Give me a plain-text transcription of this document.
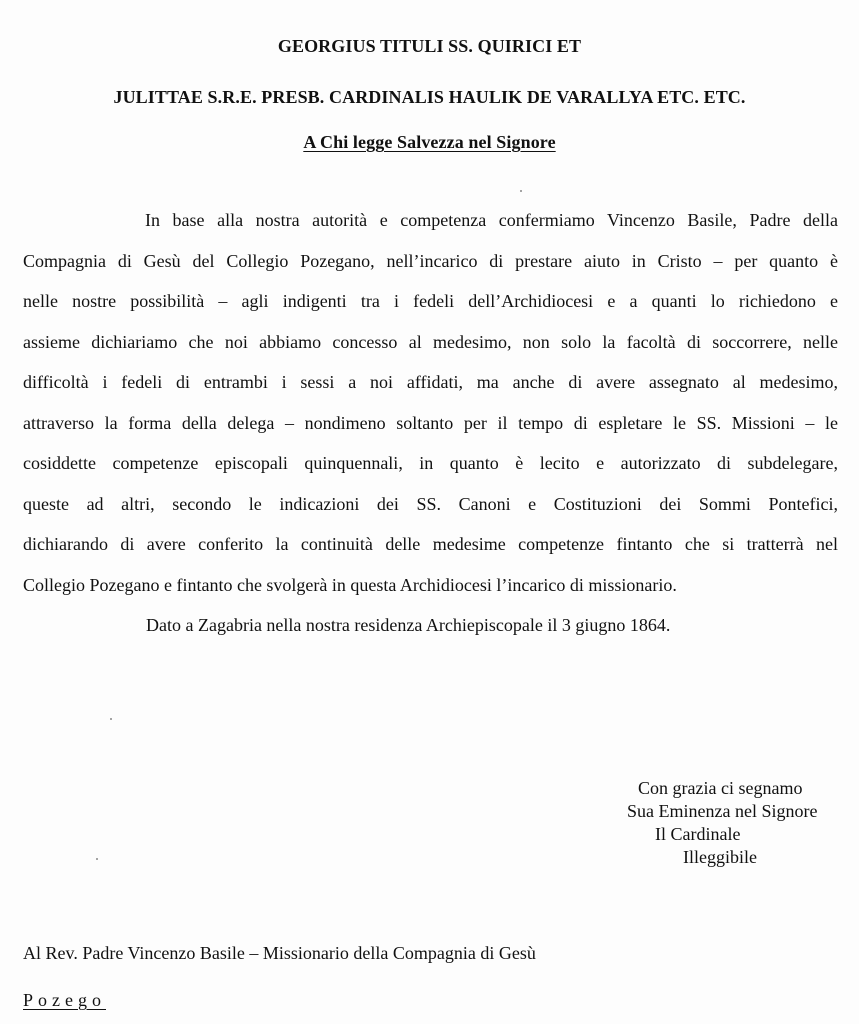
GEORGIUS TITULI SS. QUIRICI ET
JULITTAE S.R.E. PRESB. CARDINALIS HAULIK DE VARALLYA ETC. ETC.
A Chi legge Salvezza nel Signore
In base alla nostra autorità e competenza confermiamo Vincenzo Basile, Padre della
Compagnia di Gesù del Collegio Pozegano, nell’incarico di prestare aiuto in Cristo – per quanto è
nelle nostre possibilità – agli indigenti tra i fedeli dell’Archidiocesi e a quanti lo richiedono e
assieme dichiariamo che noi abbiamo concesso al medesimo, non solo la facoltà di soccorrere, nelle
difficoltà i fedeli di entrambi i sessi a noi affidati, ma anche di avere assegnato al medesimo,
attraverso la forma della delega – nondimeno soltanto per il tempo di espletare le SS. Missioni – le
cosiddette competenze episcopali quinquennali, in quanto è lecito e autorizzato di subdelegare,
queste ad altri, secondo le indicazioni dei SS. Canoni e Costituzioni dei Sommi Pontefici,
dichiarando di avere conferito la continuità delle medesime competenze fintanto che si tratterrà nel
Collegio Pozegano e fintanto che svolgerà in questa Archidiocesi l’incarico di missionario.
Dato a Zagabria nella nostra residenza Archiepiscopale il 3 giugno 1864.
Con grazia ci segnamo
Sua Eminenza nel Signore
Il Cardinale
Illeggibile
Al Rev. Padre Vincenzo Basile – Missionario della Compagnia di Gesù
Pozego
